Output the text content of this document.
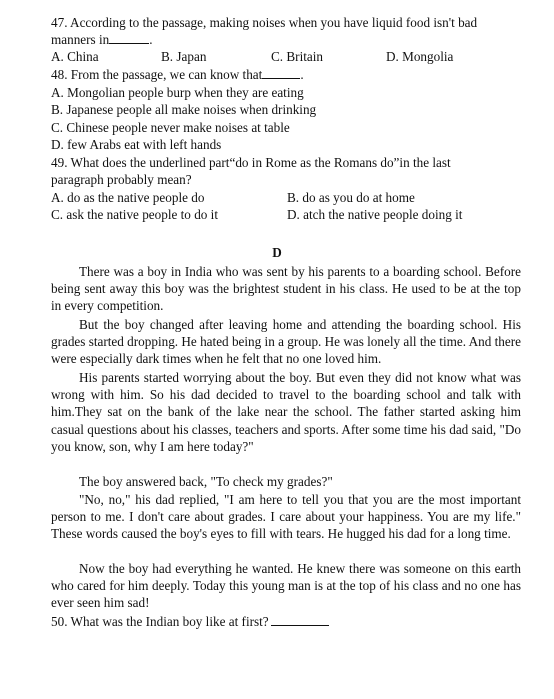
47. According to the passage, making noises when you have liquid food isn't bad
manners in	.
A. China	B. Japan	C. Britain	D. Mongolia
48. From the passage, we can know that	.
A. Mongolian people burp when they are eating
B. Japanese people all make noises when drinking
C. Chinese people never make noises at table
D. few Arabs eat with left hands
49. What does the underlined part“do in Rome as the Romans do”in the last
paragraph probably mean?
A. do as the native people do	B. do as you do at home
C. ask the native people to do it	D. atch the native people doing it
D
There was a boy in India who was sent by his parents to a boarding school. Before being sent away this boy was the brightest student in his class. He used to be at the top in every competition.
But the boy changed after leaving home and attending the boarding school. His grades started dropping. He hated being in a group. He was lonely all the time. And there were especially dark times when he felt that no one loved him.
His parents started worrying about the boy. But even they did not know what was wrong with him. So his dad decided to travel to the boarding school and talk with him.They sat on the bank of the lake near the school. The father started asking him casual questions about his classes, teachers and sports. After some time his dad said, "Do you know, son, why I am here today?"
The boy answered back, "To check my grades?"
"No, no," his dad replied, "I am here to tell you that you are the most important person to me. I don't care about grades. I care about your happiness. You are my life." These words caused the boy's eyes to fill with tears. He hugged his dad for a long time.
Now the boy had everything he wanted. He knew there was someone on this earth who cared for him deeply. Today this young man is at the top of his class and no one has ever seen him sad!
50. What was the Indian boy like at first?
